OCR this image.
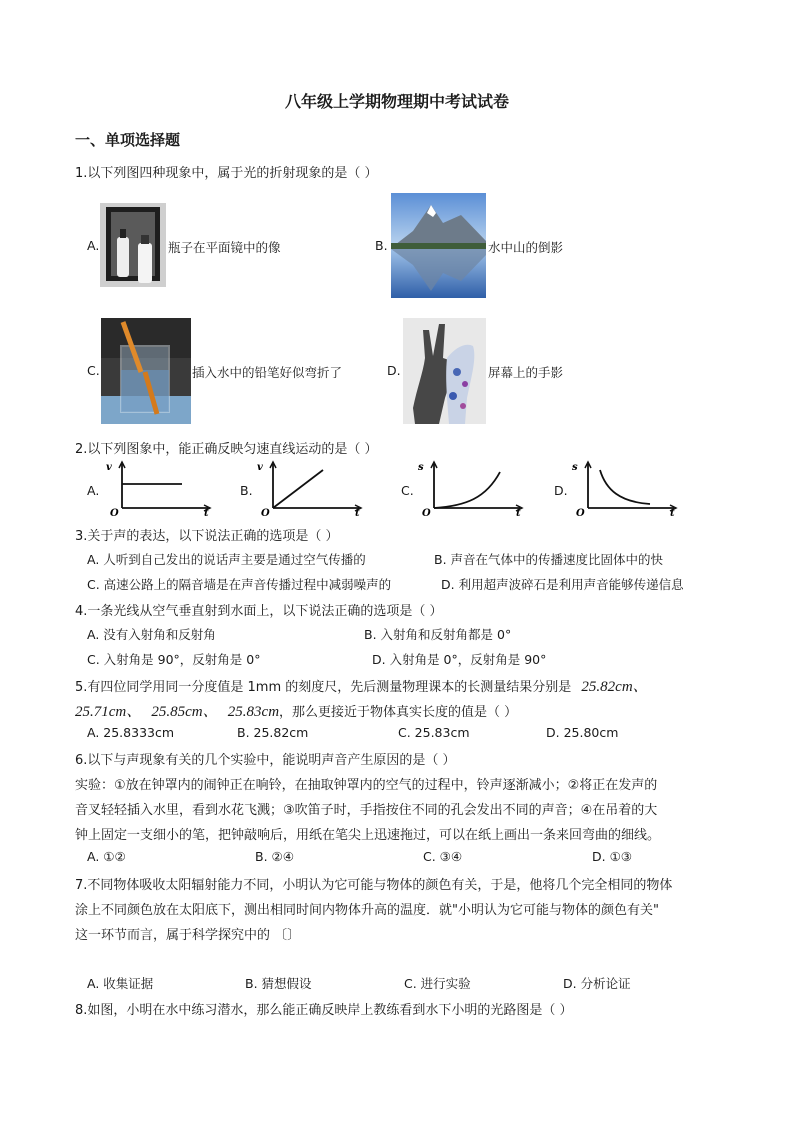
八年级上学期物理期中考试试卷
一、单项选择题
1.以下列图四种现象中，属于光的折射现象的是（ ）
A.	瓶子在平面镜中的像	B.	水中山的倒影
C.	插入水中的铅笔好似弯折了	D.	屏幕上的手影
2.以下列图象中，能正确反映匀速直线运动的是（ ）
A.	B.	C.	D.
v
O	t
v
O	t
s
O	t
s
O	t
3.关于声的表达，以下说法正确的选项是（ ）
A. 人听到自己发出的说话声主要是通过空气传播的	B. 声音在气体中的传播速度比固体中的快
C. 高速公路上的隔音墙是在声音传播过程中减弱噪声的	D. 利用超声波碎石是利用声音能够传递信息
4.一条光线从空气垂直射到水面上，以下说法正确的选项是（ ）
A. 没有入射角和反射角	B. 入射角和反射角都是 0°
C. 入射角是 90°，反射角是 0°	D. 入射角是 0°，反射角是 90°
5.有四位同学用同一分度值是 1mm 的刻度尺，先后测量物理课本的长测量结果分别是 25.82cm、
25.71cm、 25.85cm、 25.83cm，那么更接近于物体真实长度的值是（ ）
A. 25.8333cm	B. 25.82cm	C. 25.83cm	D. 25.80cm
6.以下与声现象有关的几个实验中，能说明声音产生原因的是（ ）
实验：①放在钟罩内的闹钟正在响铃，在抽取钟罩内的空气的过程中，铃声逐渐减小；②将正在发声的
音叉轻轻插入水里，看到水花飞溅；③吹笛子时，手指按住不同的孔会发出不同的声音；④在吊着的大
钟上固定一支细小的笔，把钟敲响后，用纸在笔尖上迅速拖过，可以在纸上画出一条来回弯曲的细线。
A. ①②	B. ②④	C. ③④	D. ①③
7.不同物体吸收太阳辐射能力不同，小明认为它可能与物体的颜色有关，于是，他将几个完全相同的物体
涂上不同颜色放在太阳底下，测出相同时间内物体升高的温度．就"小明认为它可能与物体的颜色有关"
这一环节而言，属于科学探究中的 〔〕
A. 收集证据	B. 猜想假设	C. 进行实验	D. 分析论证
8.如图，小明在水中练习潜水，那么能正确反映岸上教练看到水下小明的光路图是（ ）
